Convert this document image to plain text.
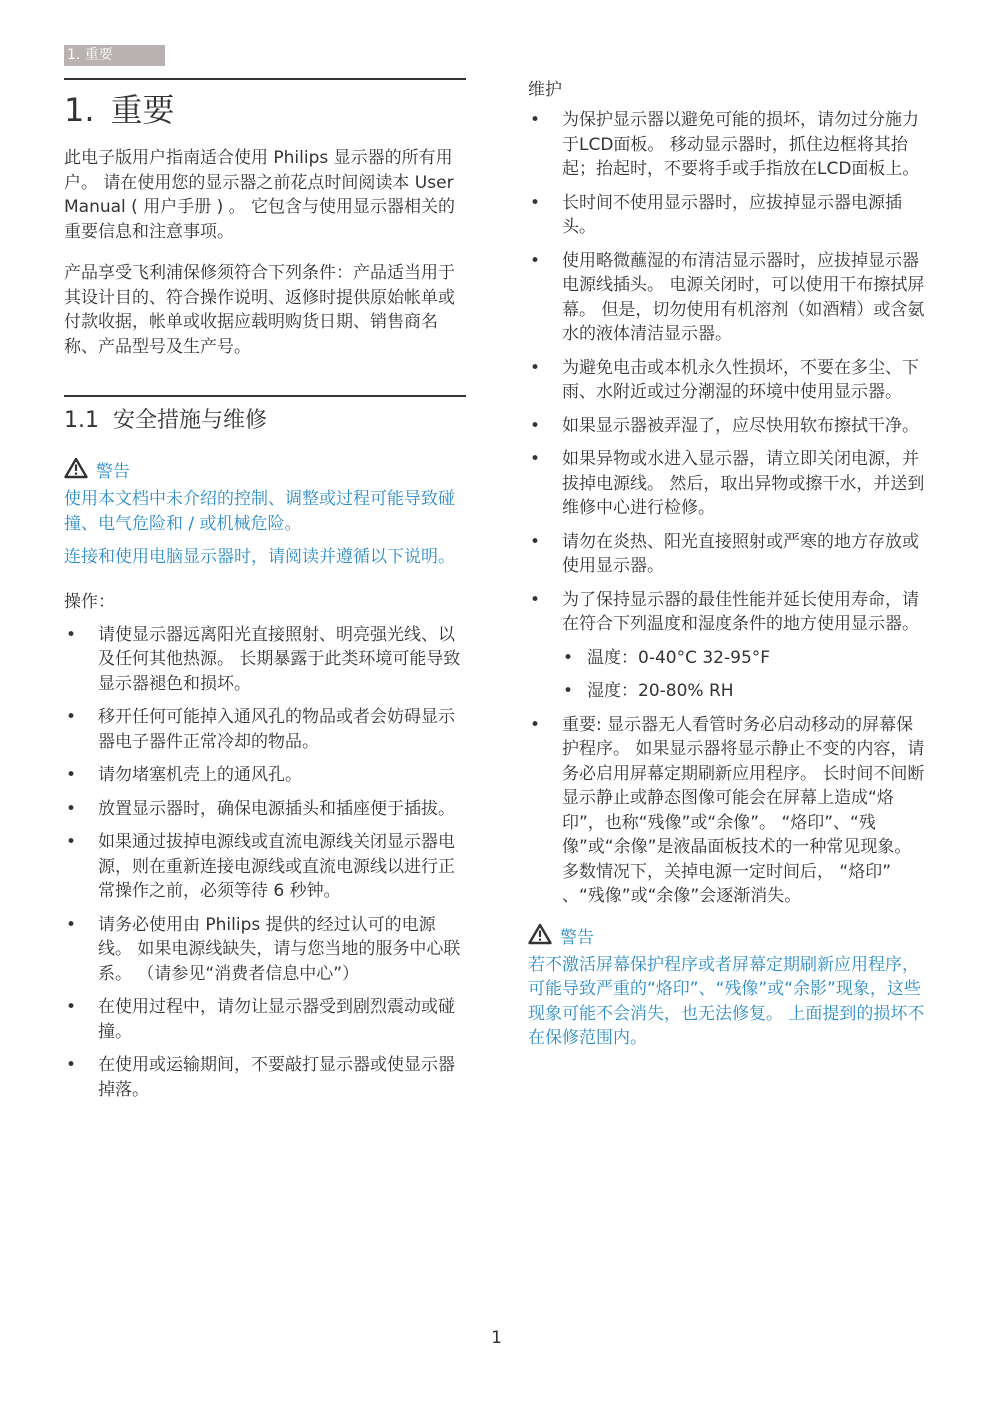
1. 重要
1. 重要

此电子版用户指南适合使用 Philips 显示器的所有用户。 请在使用您的显示器之前花点时间阅读本 User Manual ( 用户手册 ) 。 它包含与使用显示器相关的重要信息和注意事项。

产品享受飞利浦保修须符合下列条件：产品适当用于其设计目的、符合操作说明、返修时提供原始帐单或付款收据，帐单或收据应载明购货日期、销售商名称、产品型号及生产号。

1.1 安全措施与维修
警告

使用本文档中未介绍的控制、调整或过程可能导致碰撞、电气危险和 / 或机械危险。

连接和使用电脑显示器时，请阅读并遵循以下说明。

操作：

• 请使显示器远离阳光直接照射、明亮强光线、以及任何其他热源。 长期暴露于此类环境可能导致显示器褪色和损坏。
• 移开任何可能掉入通风孔的物品或者会妨碍显示器电子器件正常冷却的物品。
• 请勿堵塞机壳上的通风孔。
• 放置显示器时，确保电源插头和插座便于插拔。
• 如果通过拔掉电源线或直流电源线关闭显示器电源，则在重新连接电源线或直流电源线以进行正常操作之前，必须等待 6 秒钟。
• 请务必使用由 Philips 提供的经过认可的电源线。 如果电源线缺失，请与您当地的服务中心联系。 （请参见“消费者信息中心”）
• 在使用过程中，请勿让显示器受到剧烈震动或碰撞。
• 在使用或运输期间，不要敲打显示器或使显示器掉落。

维护

• 为保护显示器以避免可能的损坏，请勿过分施力于LCD面板。 移动显示器时，抓住边框将其抬起；抬起时，不要将手或手指放在LCD面板上。
• 长时间不使用显示器时，应拔掉显示器电源插头。
• 使用略微蘸湿的布清洁显示器时，应拔掉显示器电源线插头。 电源关闭时，可以使用干布擦拭屏幕。 但是，切勿使用有机溶剂（如酒精）或含氨水的液体清洁显示器。
• 为避免电击或本机永久性损坏，不要在多尘、下雨、水附近或过分潮湿的环境中使用显示器。
• 如果显示器被弄湿了，应尽快用软布擦拭干净。
• 如果异物或水进入显示器，请立即关闭电源，并拔掉电源线。 然后，取出异物或擦干水，并送到维修中心进行检修。
• 请勿在炎热、阳光直接照射或严寒的地方存放或使用显示器。
• 为了保持显示器的最佳性能并延长使用寿命，请在符合下列温度和湿度条件的地方使用显示器。
• 温度：0-40°C 32-95°F
• 湿度：20-80% RH
• 重要: 显示器无人看管时务必启动移动的屏幕保护程序。 如果显示器将显示静止不变的内容，请务必启用屏幕定期刷新应用程序。 长时间不间断显示静止或静态图像可能会在屏幕上造成“烙印”，也称“残像”或“余像”。 “烙印”、“残像”或“余像”是液晶面板技术的一种常见现象。 多数情况下，关掉电源一定时间后， “烙印” 、“残像”或“余像”会逐渐消失。
警告

若不激活屏幕保护程序或者屏幕定期刷新应用程序，可能导致严重的“烙印”、“残像”或“余影”现象，这些现象可能不会消失，也无法修复。 上面提到的损坏不在保修范围内。

1
